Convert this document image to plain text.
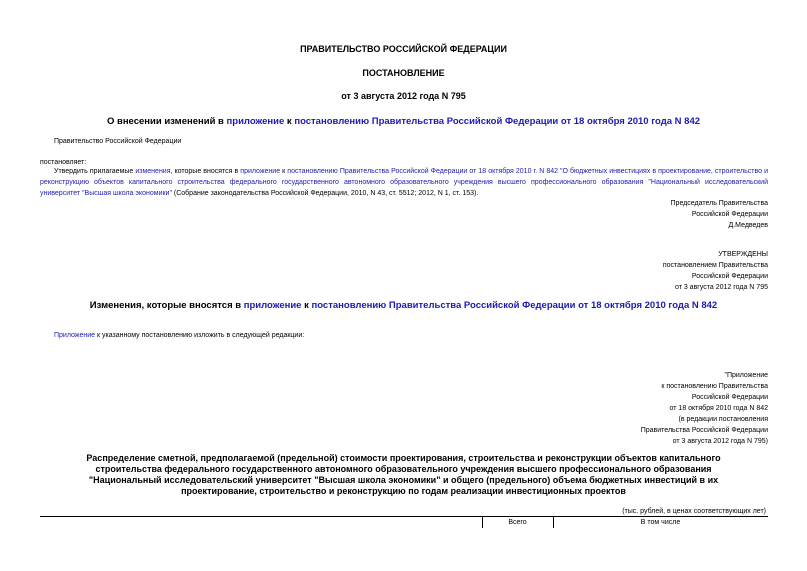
ПРАВИТЕЛЬСТВО РОССИЙСКОЙ ФЕДЕРАЦИИ
ПОСТАНОВЛЕНИЕ
от 3 августа 2012 года N 795
О внесении изменений в приложение к постановлению Правительства Российской Федерации от 18 октября 2010 года N 842
Правительство Российской Федерации
постановляет:
Утвердить прилагаемые изменения, которые вносятся в приложение к постановлению Правительства Российской Федерации от 18 октября 2010 г. N 842 "О бюджетных инвестициях в проектирование, строительство и реконструкцию объектов капитального строительства федерального государственного автономного образовательного учреждения высшего профессионального образования "Национальный исследовательский университет "Высшая школа экономики" (Собрание законодательства Российской Федерации, 2010, N 43, ст. 5512; 2012, N 1, ст. 153).
Председатель Правительства
Российской Федерации
Д.Медведев
УТВЕРЖДЕНЫ
постановлением Правительства
Российской Федерации
от 3 августа 2012 года N 795
Изменения, которые вносятся в приложение к постановлению Правительства Российской Федерации от 18 октября 2010 года N 842
Приложение к указанному постановлению изложить в следующей редакции:
"Приложение
к постановлению Правительства
Российской Федерации
от 18 октября 2010 года N 842
(в редакции постановления
Правительства Российской Федерации
от 3 августа 2012 года N 795)
Распределение сметной, предполагаемой (предельной) стоимости проектирования, строительства и реконструкции объектов капитального строительства федерального государственного автономного образовательного учреждения высшего профессионального образования "Национальный исследовательский университет "Высшая школа экономики" и общего (предельного) объема бюджетных инвестиций в их проектирование, строительство и реконструкцию по годам реализации инвестиционных проектов
(тыс. рублей, в ценах соответствующих лет)
Всего	В том числе
